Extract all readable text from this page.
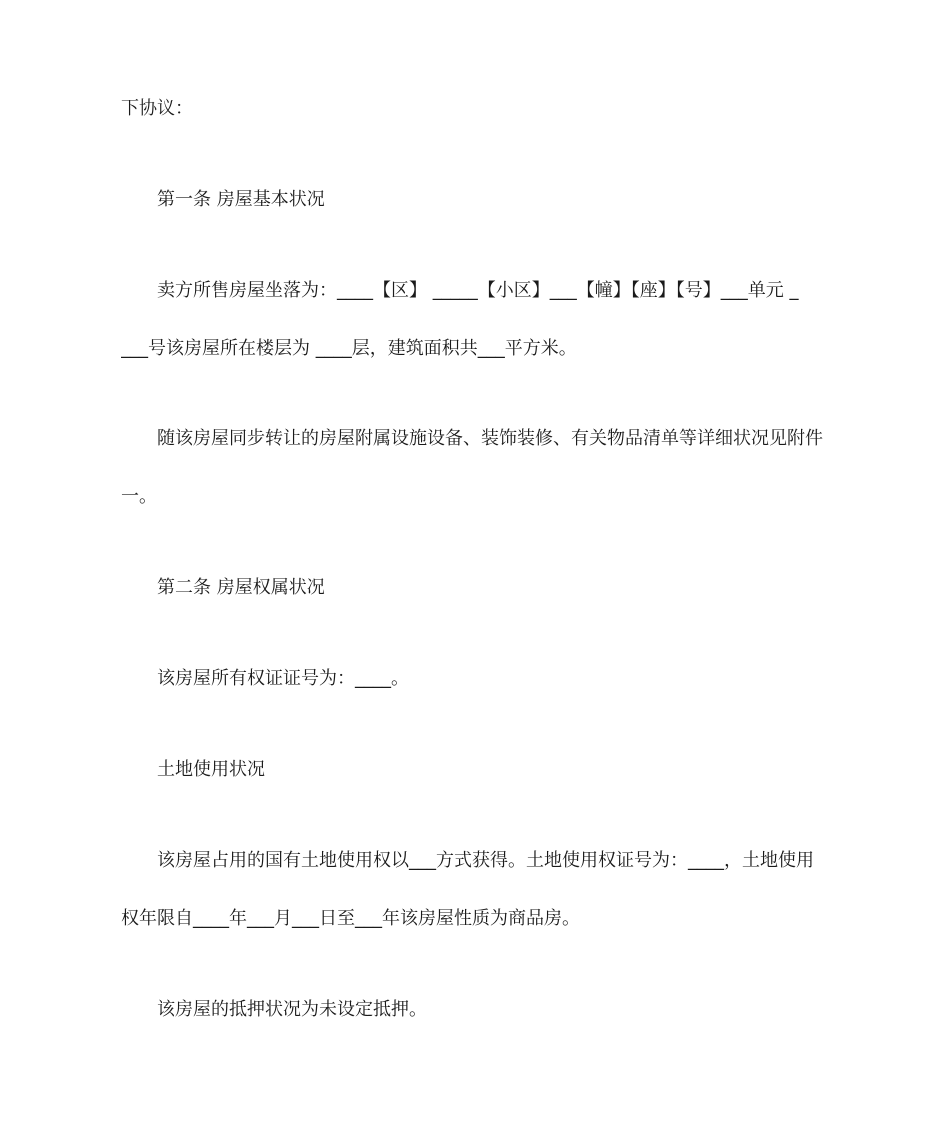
下协议：
第一条 房屋基本状况
卖方所售房屋坐落为：____【区】 _____【小区】___【幢】【座】【号】___单元 _
___号该房屋所在楼层为 ____层，建筑面积共___平方米。
随该房屋同步转让的房屋附属设施设备、装饰装修、有关物品清单等详细状况见附件
一。
第二条 房屋权属状况
该房屋所有权证证号为：____。
土地使用状况
该房屋占用的国有土地使用权以___方式获得。土地使用权证号为：____，土地使用
权年限自____年___月___日至___年该房屋性质为商品房。
该房屋的抵押状况为未设定抵押。
